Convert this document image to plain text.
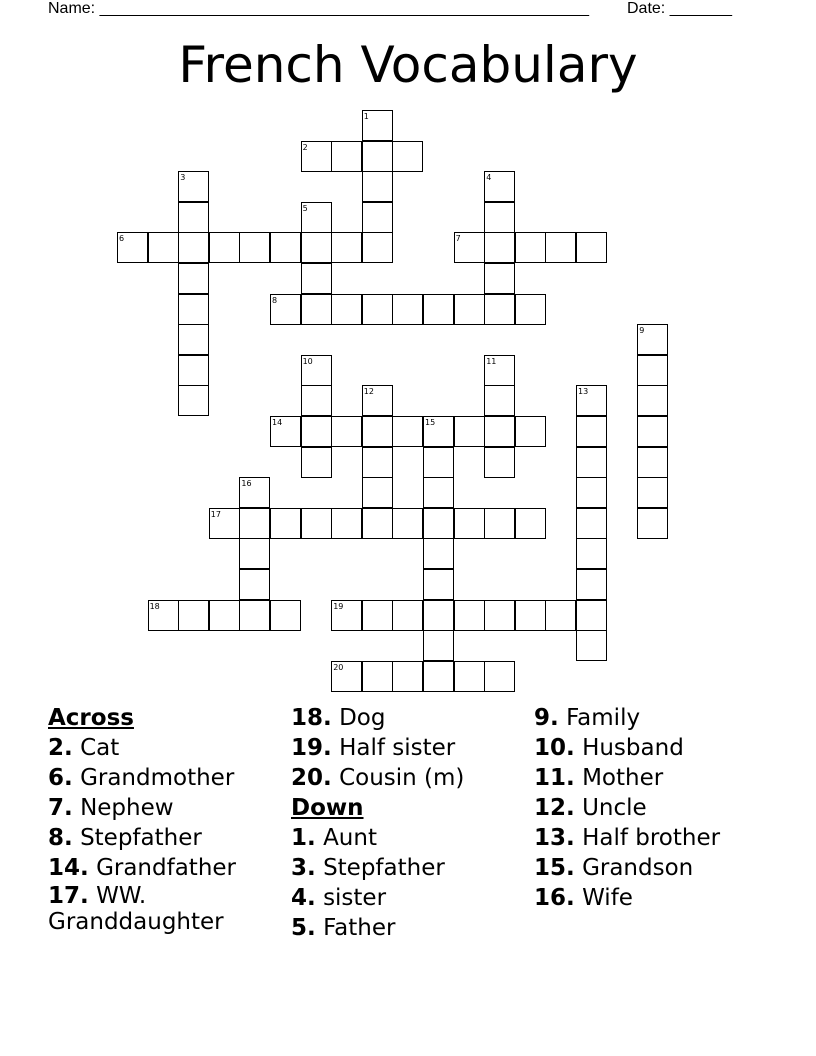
Name: _______________________________________________________ Date: _______
French Vocabulary
1
2
3	4
5
6	7
8
9
10	11
12	13
14	15
16
17
18	19
20
Across
2. Cat
6. Grandmother
7. Nephew
8. Stepfather
14. Grandfather
17. WW. Granddaughter
18. Dog
19. Half sister
20. Cousin (m)
Down
1. Aunt
3. Stepfather
4. sister
5. Father
9. Family
10. Husband
11. Mother
12. Uncle
13. Half brother
15. Grandson
16. Wife
